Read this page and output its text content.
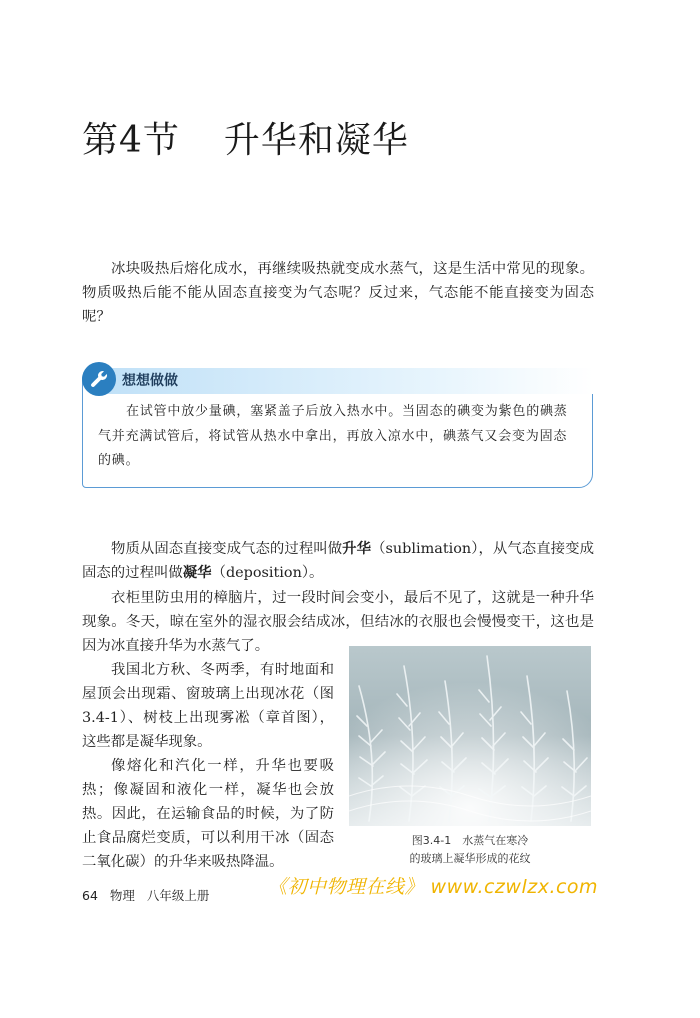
第4节 升华和凝华

冰块吸热后熔化成水，再继续吸热就变成水蒸气，这是生活中常见的现象。物质吸热后能不能从固态直接变为气态呢？反过来，气态能不能直接变为固态呢？

想想做做

在试管中放少量碘，塞紧盖子后放入热水中。当固态的碘变为紫色的碘蒸气并充满试管后，将试管从热水中拿出，再放入凉水中，碘蒸气又会变为固态的碘。

物质从固态直接变成气态的过程叫做升华（sublimation），从气态直接变成固态的过程叫做凝华（deposition）。

衣柜里防虫用的樟脑片，过一段时间会变小，最后不见了，这就是一种升华现象。冬天，晾在室外的湿衣服会结成冰，但结冰的衣服也会慢慢变干，这也是因为冰直接升华为水蒸气了。

我国北方秋、冬两季，有时地面和屋顶会出现霜、窗玻璃上出现冰花（图3.4-1）、树枝上出现雾凇（章首图），这些都是凝华现象。

像熔化和汽化一样，升华也要吸热；像凝固和液化一样，凝华也会放热。因此，在运输食品的时候，为了防止食品腐烂变质，可以利用干冰（固态二氧化碳）的升华来吸热降温。

图3.4-1　水蒸气在寒冷
的玻璃上凝华形成的花纹
《初中物理在线》 www.czwlzx.com
64 物理 八年级上册
